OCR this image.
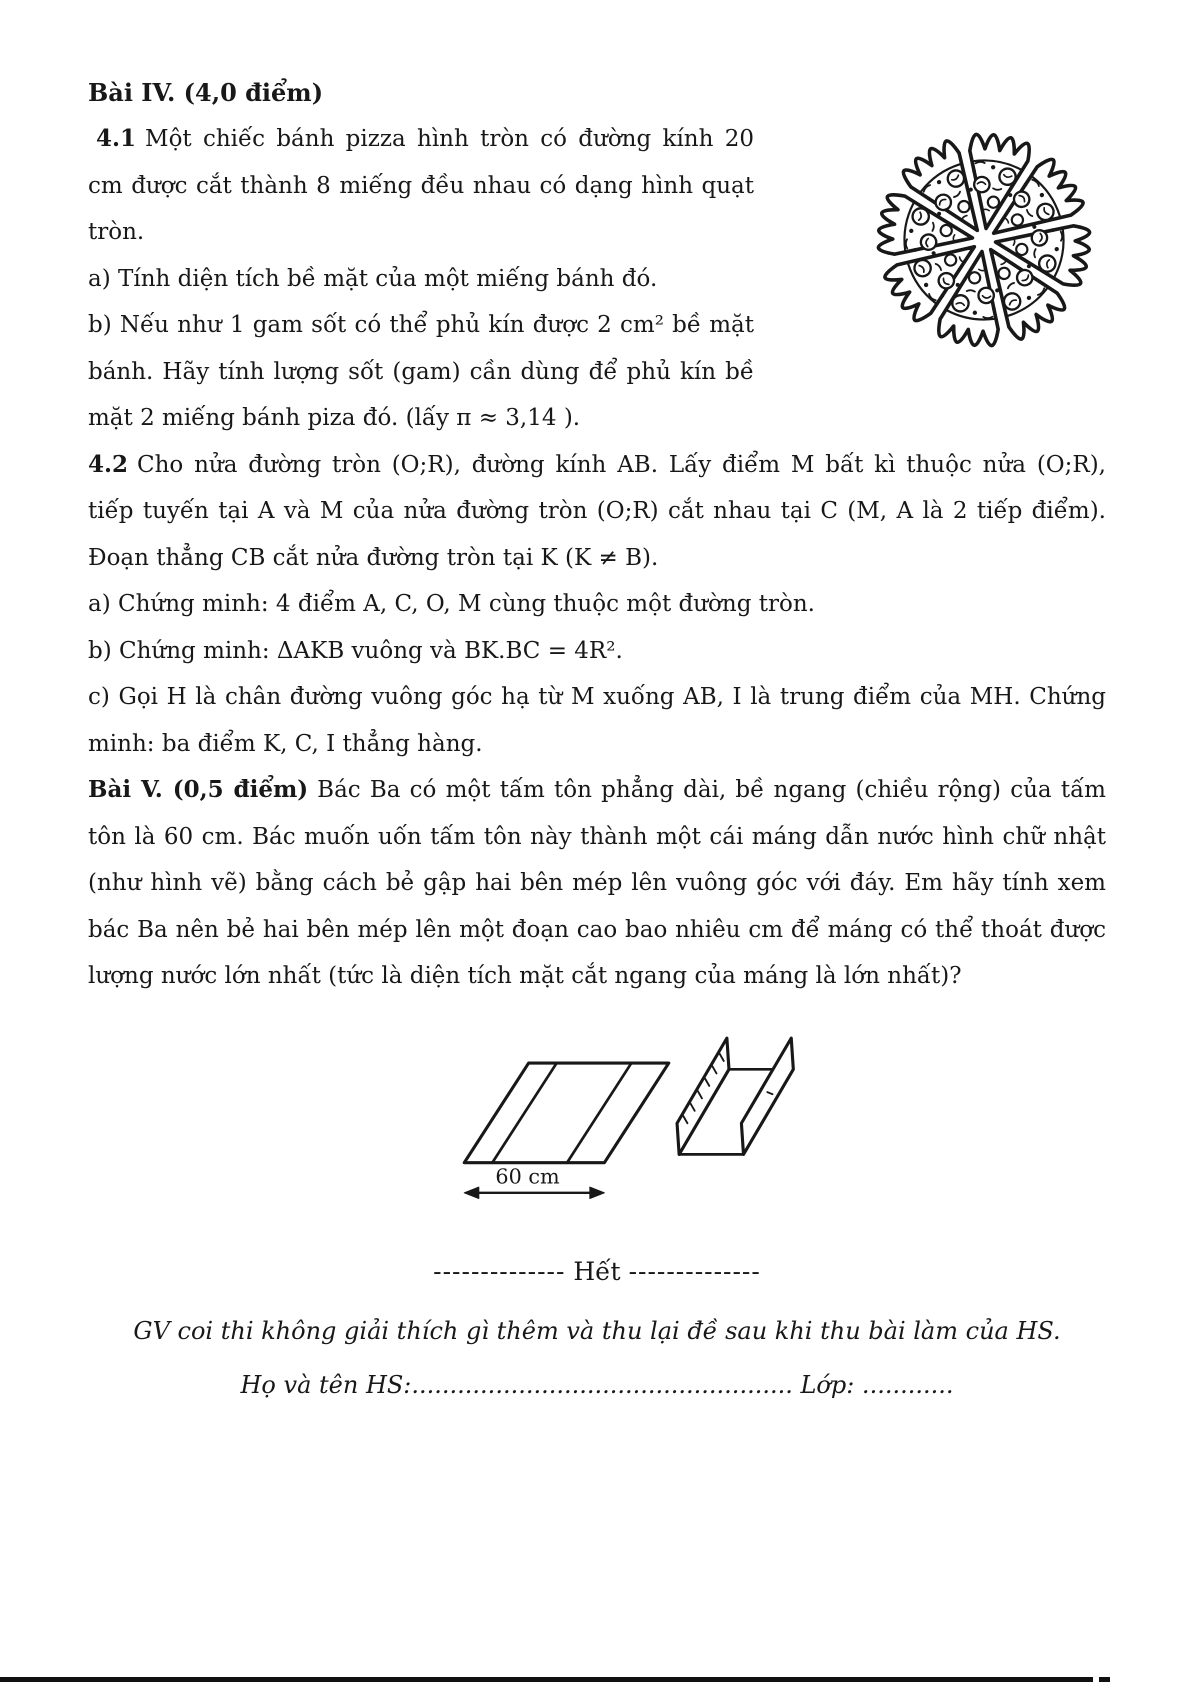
Bài IV. (4,0 điểm)

4.1 Một chiếc bánh pizza hình tròn có đường kính 20 cm được cắt thành 8 miếng đều nhau có dạng hình quạt tròn.

a) Tính diện tích bề mặt của một miếng bánh đó.

b) Nếu như 1 gam sốt có thể phủ kín được 2 cm² bề mặt bánh. Hãy tính lượng sốt (gam) cần dùng để phủ kín bề mặt 2 miếng bánh piza đó. (lấy π ≈ 3,14 ).

4.2 Cho nửa đường tròn (O;R), đường kính AB. Lấy điểm M bất kì thuộc nửa (O;R), tiếp tuyến tại A và M của nửa đường tròn (O;R) cắt nhau tại C (M, A là 2 tiếp điểm). Đoạn thẳng CB cắt nửa đường tròn tại K (K ≠ B).

a) Chứng minh: 4 điểm A, C, O, M cùng thuộc một đường tròn.

b) Chứng minh: ΔAKB vuông và BK.BC = 4R².

c) Gọi H là chân đường vuông góc hạ từ M xuống AB, I là trung điểm của MH. Chứng minh: ba điểm K, C, I thẳng hàng.

Bài V. (0,5 điểm) Bác Ba có một tấm tôn phẳng dài, bề ngang (chiều rộng) của tấm tôn là 60 cm. Bác muốn uốn tấm tôn này thành một cái máng dẫn nước hình chữ nhật (như hình vẽ) bằng cách bẻ gập hai bên mép lên vuông góc với đáy. Em hãy tính xem bác Ba nên bẻ hai bên mép lên một đoạn cao bao nhiêu cm để máng có thể thoát được lượng nước lớn nhất (tức là diện tích mặt cắt ngang của máng là lớn nhất)?

60 cm
-------------- Hết --------------
GV coi thi không giải thích gì thêm và thu lại đề sau khi thu bài làm của HS.
Họ và tên HS:.................................................. Lớp: ............
